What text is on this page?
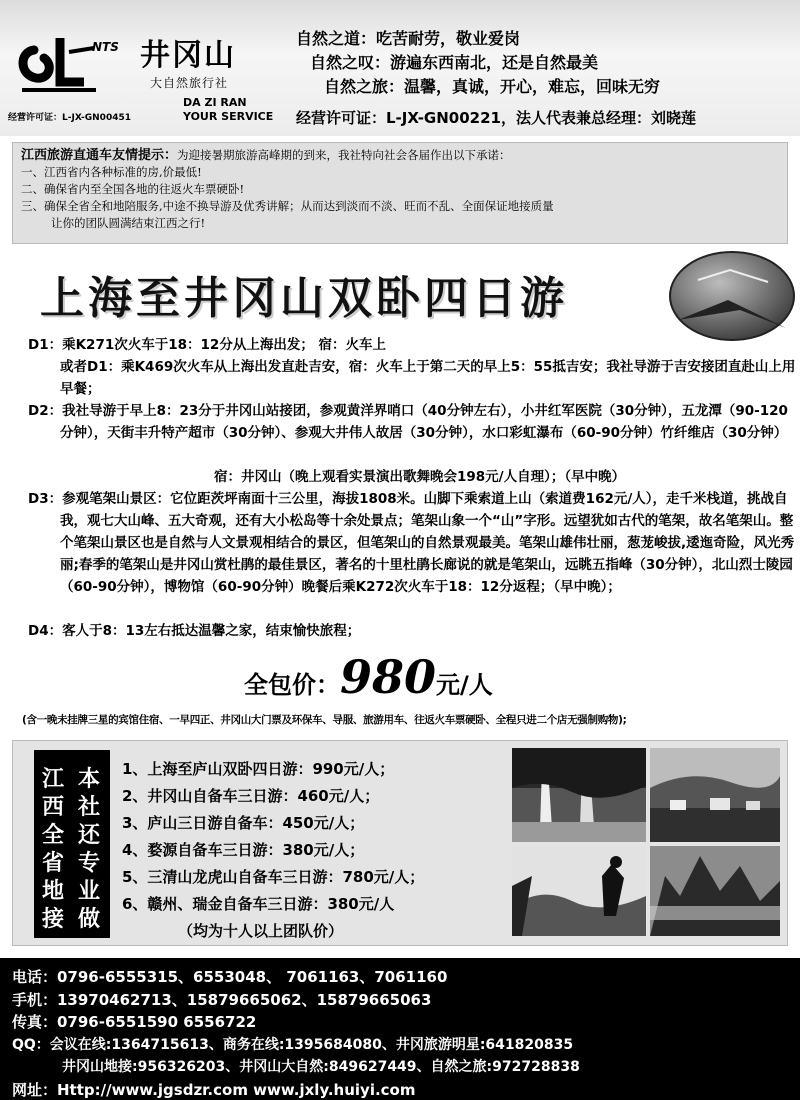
NTS 井冈山
大自然旅行社
DA ZI RAN
YOUR SERVICE
经营许可证：L-JX-GN00451
自然之道：吃苦耐劳，敬业爱岗
自然之叹：游遍东西南北，还是自然最美
自然之旅：温馨，真诚，开心，难忘，回味无穷
经营许可证：L-JX-GN00221，法人代表兼总经理：刘晓莲
江西旅游直通车友情提示：为迎接暑期旅游高峰期的到来，我社特向社会各届作出以下承诺：
一、江西省内各种标准的房,价最低!
二、确保省内至全国各地的往返火车票硬卧!
三、确保全省全和地陪服务,中途不换导游及优秀讲解；从而达到淡而不淡、旺而不乱、全面保证地接质量
让你的团队圆满结束江西之行!
上海至井冈山双卧四日游
D1：乘K271次火车于18：12分从上海出发； 宿：火车上
或者D1：乘K469次火车从上海出发直赴吉安，宿：火车上于第二天的早上5：55抵吉安；我社导游于吉安接团直赴山上用早餐；
D2：我社导游于早上8：23分于井冈山站接团，参观黄洋界哨口（40分钟左右），小井红军医院（30分钟），五龙潭（90-120分钟），天街丰升特产超市（30分钟）、参观大井伟人故居（30分钟），水口彩虹瀑布（60-90分钟）竹纤维店（30分钟）
宿：井冈山（晚上观看实景演出歌舞晚会198元/人自理）；（早中晚）
D3：参观笔架山景区：它位距茨坪南面十三公里，海拔1808米。山脚下乘索道上山（索道费162元/人），走千米栈道，挑战自我，观七大山峰、五大奇观，还有大小松岛等十余处景点；笔架山象一个“山”字形。远望犹如古代的笔架，故名笔架山。整个笔架山景区也是自然与人文景观相结合的景区，但笔架山的自然景观最美。笔架山雄伟壮丽，葱茏峻拔,逶迤奇险，风光秀丽;春季的笔架山是井冈山赏杜鹃的最佳景区，著名的十里杜鹃长廊说的就是笔架山，远眺五指峰（30分钟），北山烈士陵园（60-90分钟），博物馆（60-90分钟）晚餐后乘K272次火车于18：12分返程；（早中晚）；
D4：客人于8：13左右抵达温馨之家，结束愉快旅程；
全包价：980元/人
(含一晚未挂牌三星的宾馆住宿、一早四正、井冈山大门票及环保车、导服、旅游用车、往返火车票硬卧、全程只进二个店无强制购物);
本
社
还
专
业
做
江
西
全
省
地
接
1、上海至庐山双卧四日游：990元/人；
2、井冈山自备车三日游：460元/人；
3、庐山三日游自备车：450元/人；
4、婺源自备车三日游：380元/人；
5、三清山龙虎山自备车三日游：780元/人；
6、赣州、瑞金自备车三日游：380元/人
（均为十人以上团队价）
电话：0796-6555315、6553048、 7061163、7061160
手机：13970462713、15879665062、15879665063
传真：0796-6551590 6556722
QQ：会议在线:1364715613、商务在线:1395684080、井冈旅游明星:641820835
井冈山地接:956326203、井冈山大自然:849627449、自然之旅:972728838
网址：Http://www.jgsdzr.com www.jxly.huiyi.com
